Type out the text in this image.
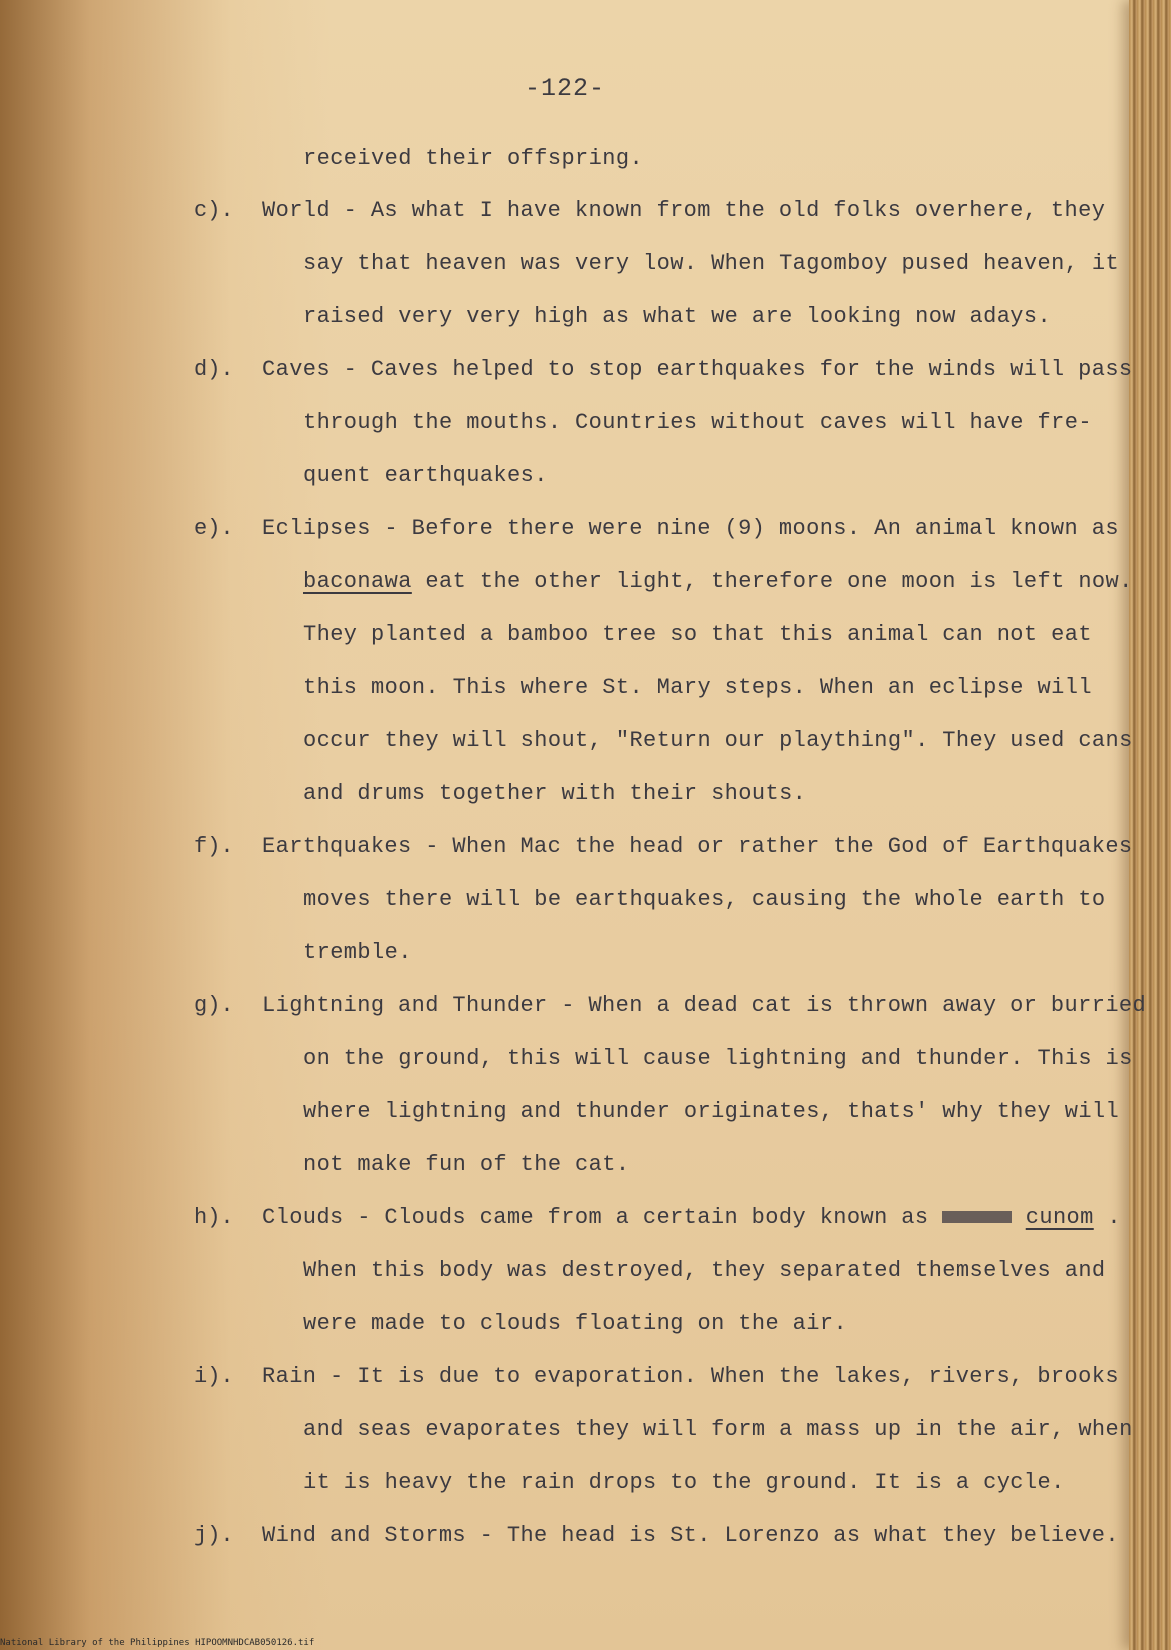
-122-
received their offspring.
c). World - As what I have known from the old folks overhere, they
say that heaven was very low. When Tagomboy pused heaven, it
raised very very high as what we are looking now adays.
d). Caves - Caves helped to stop earthquakes for the winds will pass
through the mouths. Countries without caves will have fre-
quent earthquakes.
e). Eclipses - Before there were nine (9) moons. An animal known as
baconawa eat the other light, therefore one moon is left now.
They planted a bamboo tree so that this animal can not eat
this moon. This where St. Mary steps. When an eclipse will
occur they will shout, "Return our plaything". They used cans
and drums together with their shouts.
f). Earthquakes - When Mac the head or rather the God of Earthquakes
moves there will be earthquakes, causing the whole earth to
tremble.
g). Lightning and Thunder - When a dead cat is thrown away or burried
on the ground, this will cause lightning and thunder. This is
where lightning and thunder originates, thats' why they will
not make fun of the cat.
h). Clouds - Clouds came from a certain body known as	cunom .
When this body was destroyed, they separated themselves and
were made to clouds floating on the air.
i). Rain - It is due to evaporation. When the lakes, rivers, brooks
and seas evaporates they will form a mass up in the air, when
it is heavy the rain drops to the ground. It is a cycle.
j). Wind and Storms - The head is St. Lorenzo as what they believe.
National Library of the Philippines HIPOOMNHDCAB050126.tif
